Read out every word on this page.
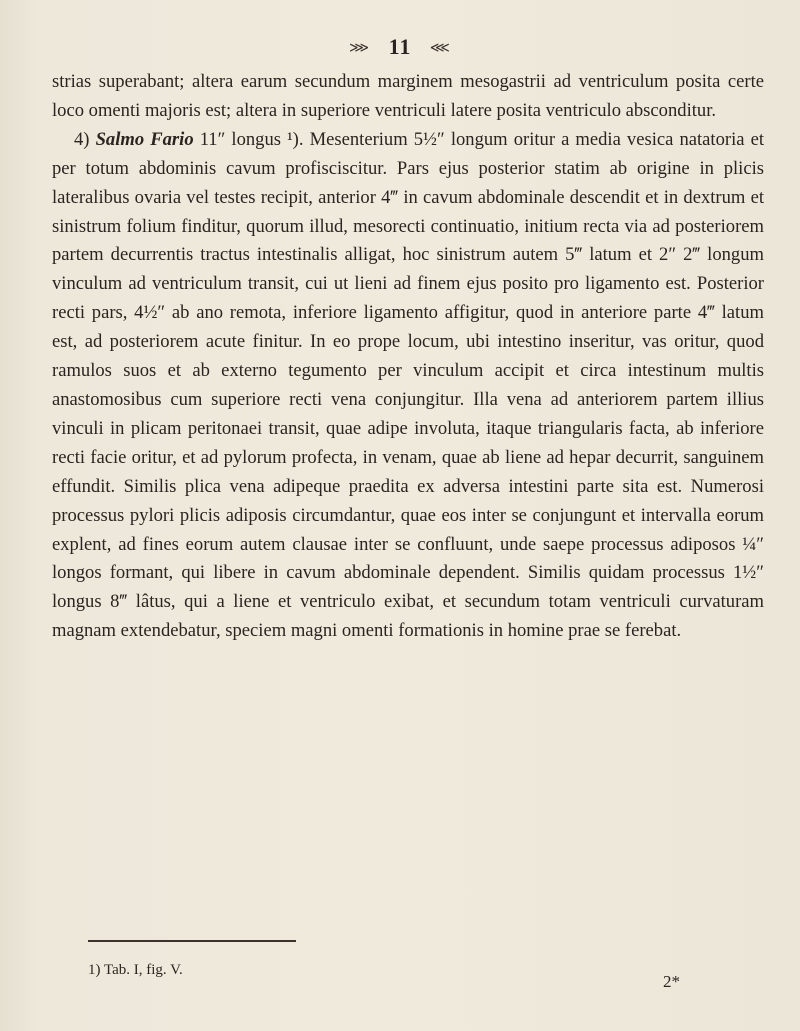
⋙ 11 ⋘

strias superabant; altera earum secundum marginem mesogastrii ad ventriculum posita certe loco omenti majoris est; altera in superiore ventriculi latere posita ventriculo absconditur.

4) Salmo Fario 11″ longus ¹). Mesenterium 5½″ longum oritur a media vesica natatoria et per totum abdominis cavum profisciscitur. Pars ejus posterior statim ab origine in plicis lateralibus ovaria vel testes recipit, anterior 4‴ in cavum abdominale descendit et in dextrum et sinistrum folium finditur, quorum illud, mesorecti continuatio, initium recta via ad posteriorem partem decurrentis tractus intestinalis alligat, hoc sinistrum autem 5‴ latum et 2″ 2‴ longum vinculum ad ventriculum transit, cui ut lieni ad finem ejus posito pro ligamento est. Posterior recti pars, 4½″ ab ano remota, inferiore ligamento affigitur, quod in anteriore parte 4‴ latum est, ad posteriorem acute finitur. In eo prope locum, ubi intestino inseritur, vas oritur, quod ramulos suos et ab externo tegumento per vinculum accipit et circa intestinum multis anastomosibus cum superiore recti vena conjungitur. Illa vena ad anteriorem partem illius vinculi in plicam peritonaei transit, quae adipe involuta, itaque triangularis facta, ab inferiore recti facie oritur, et ad pylorum profecta, in venam, quae ab liene ad hepar decurrit, sanguinem effundit. Similis plica vena adipeque praedita ex adversa intestini parte sita est. Numerosi processus pylori plicis adiposis circumdantur, quae eos inter se conjungunt et intervalla eorum explent, ad fines eorum autem clausae inter se confluunt, unde saepe processus adiposos ¼″ longos formant, qui libere in cavum abdominale dependent. Similis quidam processus 1½″ longus 8‴ lâtus, qui a liene et ventriculo exibat, et secundum totam ventriculi curvaturam magnam extendebatur, speciem magni omenti formationis in homine prae se ferebat.

1) Tab. I, fig. V.
2*
